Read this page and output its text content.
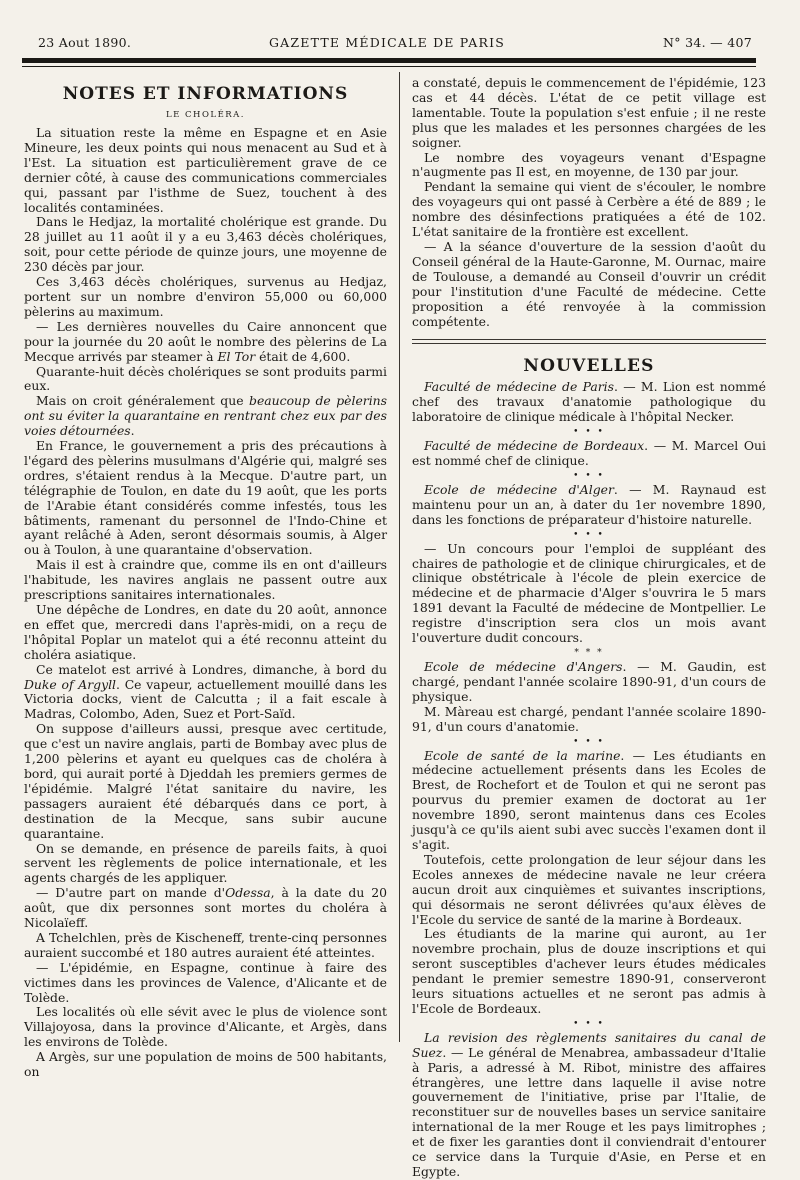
23 Aout 1890.	GAZETTE MÉDICALE DE PARIS	N° 34. — 407
NOTES ET INFORMATIONS
LE CHOLÉRA.

La situation reste la même en Espagne et en Asie Mineure, les deux points qui nous menacent au Sud et à l'Est. La situation est particulièrement grave de ce dernier côté, à cause des communications commerciales qui, passant par l'isthme de Suez, touchent à des localités contaminées.

Dans le Hedjaz, la mortalité cholérique est grande. Du 28 juillet au 11 août il y a eu 3,463 décès cholériques, soit, pour cette période de quinze jours, une moyenne de 230 décès par jour.

Ces 3,463 décès cholériques, survenus au Hedjaz, portent sur un nombre d'environ 55,000 ou 60,000 pèlerins au maximum.

— Les dernières nouvelles du Caire annoncent que pour la journée du 20 août le nombre des pèlerins de La Mecque arrivés par steamer à El Tor était de 4,600.

Quarante-huit décès cholériques se sont produits parmi eux.

Mais on croit généralement que beaucoup de pèlerins ont su éviter la quarantaine en rentrant chez eux par des voies détournées.

En France, le gouvernement a pris des précautions à l'égard des pèlerins musulmans d'Algérie qui, malgré ses ordres, s'étaient rendus à la Mecque. D'autre part, un télégraphie de Toulon, en date du 19 août, que les ports de l'Arabie étant considérés comme infestés, tous les bâtiments, ramenant du personnel de l'Indo-Chine et ayant relâché à Aden, seront désormais soumis, à Alger ou à Toulon, à une quarantaine d'observation.

Mais il est à craindre que, comme ils en ont d'ailleurs l'habitude, les navires anglais ne passent outre aux prescriptions sanitaires internationales.

Une dépêche de Londres, en date du 20 août, annonce en effet que, mercredi dans l'après-midi, on a reçu de l'hôpital Poplar un matelot qui a été reconnu atteint du choléra asiatique.

Ce matelot est arrivé à Londres, dimanche, à bord du Duke of Argyll. Ce vapeur, actuellement mouillé dans les Victoria docks, vient de Calcutta ; il a fait escale à Madras, Colombo, Aden, Suez et Port-Saïd.

On suppose d'ailleurs aussi, presque avec certitude, que c'est un navire anglais, parti de Bombay avec plus de 1,200 pèlerins et ayant eu quelques cas de choléra à bord, qui aurait porté à Djeddah les premiers germes de l'épidémie. Malgré l'état sanitaire du navire, les passagers auraient été débarqués dans ce port, à destination de la Mecque, sans subir aucune quarantaine.

On se demande, en présence de pareils faits, à quoi servent les règlements de police internationale, et les agents chargés de les appliquer.

— D'autre part on mande d'Odessa, à la date du 20 août, que dix personnes sont mortes du choléra à Nicolaïeff.

A Tchelchlen, près de Kischeneff, trente-cinq personnes auraient succombé et 180 autres auraient été atteintes.

— L'épidémie, en Espagne, continue à faire des victimes dans les provinces de Valence, d'Alicante et de Tolède.

Les localités où elle sévit avec le plus de violence sont Villajoyosa, dans la province d'Alicante, et Argès, dans les environs de Tolède.

A Argès, sur une population de moins de 500 habitants, on

a constaté, depuis le commencement de l'épidémie, 123 cas et 44 décès. L'état de ce petit village est lamentable. Toute la population s'est enfuie ; il ne reste plus que les malades et les personnes chargées de les soigner.

Le nombre des voyageurs venant d'Espagne n'augmente pas Il est, en moyenne, de 130 par jour.

Pendant la semaine qui vient de s'écouler, le nombre des voyageurs qui ont passé à Cerbère a été de 889 ; le nombre des désinfections pratiquées a été de 102. L'état sanitaire de la frontière est excellent.

— A la séance d'ouverture de la session d'août du Conseil général de la Haute-Garonne, M. Ournac, maire de Toulouse, a demandé au Conseil d'ouvrir un crédit pour l'institution d'une Faculté de médecine. Cette proposition a été renvoyée à la commission compétente.

NOUVELLES

Faculté de médecine de Paris. — M. Lion est nommé chef des travaux d'anatomie pathologique du laboratoire de clinique médicale à l'hôpital Necker.

• • •

Faculté de médecine de Bordeaux. — M. Marcel Oui est nommé chef de clinique.

• • •

Ecole de médecine d'Alger. — M. Raynaud est maintenu pour un an, à dater du 1er novembre 1890, dans les fonctions de préparateur d'histoire naturelle.

• • •

— Un concours pour l'emploi de suppléant des chaires de pathologie et de clinique chirurgicales, et de clinique obstétricale à l'école de plein exercice de médecine et de pharmacie d'Alger s'ouvrira le 5 mars 1891 devant la Faculté de médecine de Montpellier. Le registre d'inscription sera clos un mois avant l'ouverture dudit concours.

* * *

Ecole de médecine d'Angers. — M. Gaudin, est chargé, pendant l'année scolaire 1890-91, d'un cours de physique.

M. Màreau est chargé, pendant l'année scolaire 1890-91, d'un cours d'anatomie.

• • •

Ecole de santé de la marine. — Les étudiants en médecine actuellement présents dans les Ecoles de Brest, de Rochefort et de Toulon et qui ne seront pas pourvus du premier examen de doctorat au 1er novembre 1890, seront maintenus dans ces Ecoles jusqu'à ce qu'ils aient subi avec succès l'examen dont il s'agit.

Toutefois, cette prolongation de leur séjour dans les Ecoles annexes de médecine navale ne leur créera aucun droit aux cinquièmes et suivantes inscriptions, qui désormais ne seront délivrées qu'aux élèves de l'Ecole du service de santé de la marine à Bordeaux.

Les étudiants de la marine qui auront, au 1er novembre prochain, plus de douze inscriptions et qui seront susceptibles d'achever leurs études médicales pendant le premier semestre 1890-91, conserveront leurs situations actuelles et ne seront pas admis à l'Ecole de Bordeaux.

• • •

La revision des règlements sanitaires du canal de Suez. — Le général de Menabrea, ambassadeur d'Italie à Paris, a adressé à M. Ribot, ministre des affaires étrangères, une lettre dans laquelle il avise notre gouvernement de l'initiative, prise par l'Italie, de reconstituer sur de nouvelles bases un service sanitaire international de la mer Rouge et les pays limitrophes ; et de fixer les garanties dont il conviendrait d'entourer ce service dans la Turquie d'Asie, en Perse et en Egypte.
